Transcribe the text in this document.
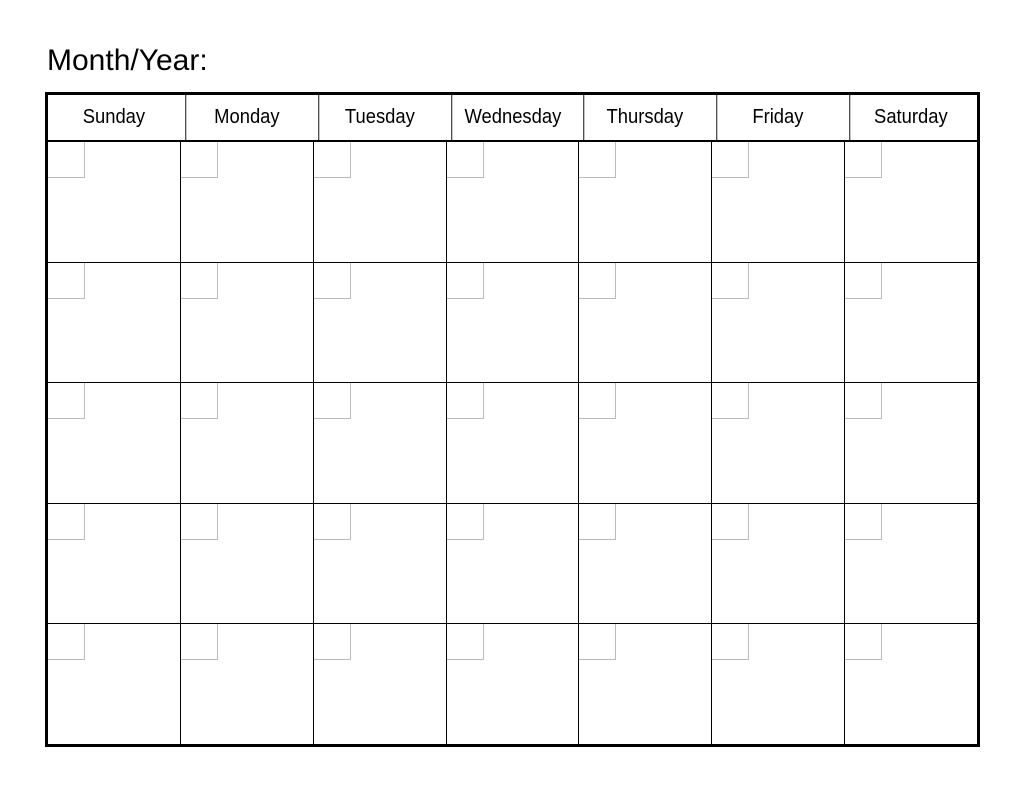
Month/Year:
Sunday	Monday	Tuesday	Wednesday	Thursday	Friday	Saturday
